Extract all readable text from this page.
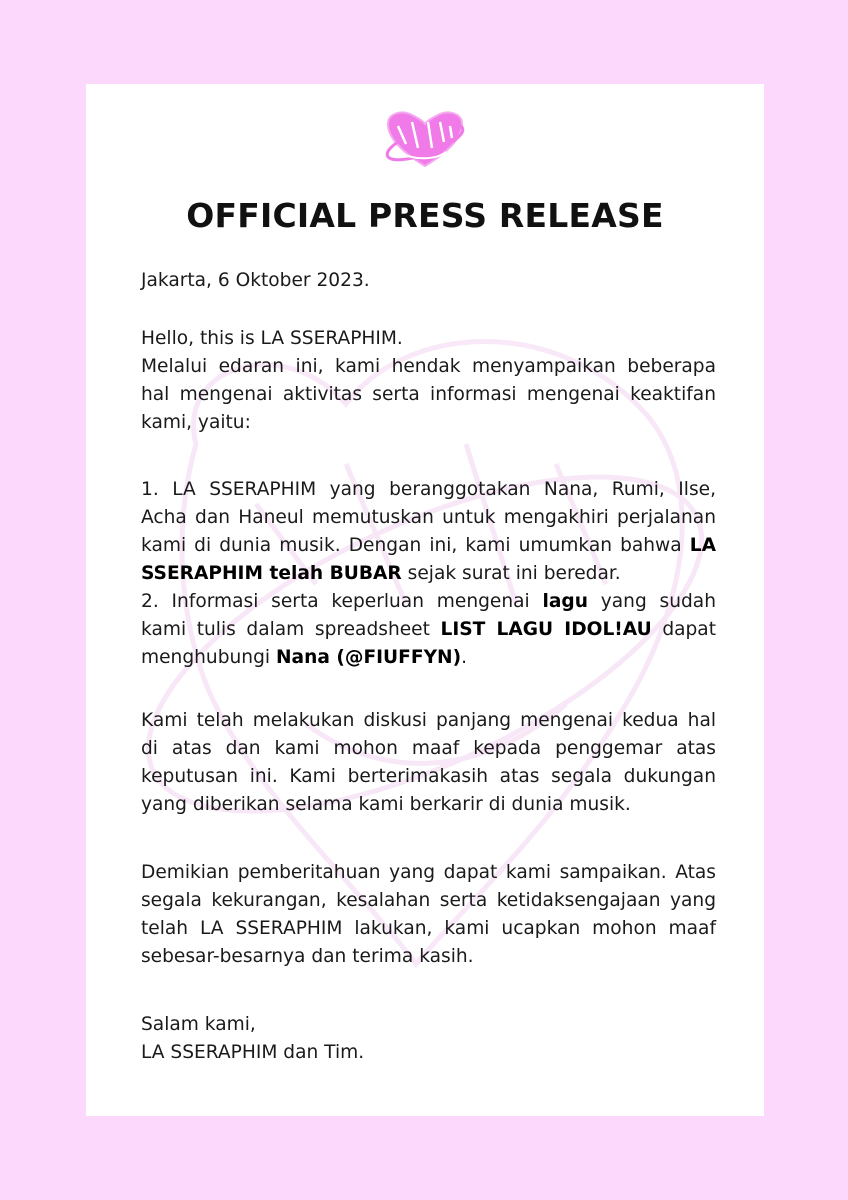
OFFICIAL PRESS RELEASE
Jakarta, 6 Oktober 2023.
Hello, this is LA SSERAPHIM.
Melalui edaran ini, kami hendak menyampaikan beberapa
hal mengenai aktivitas serta informasi mengenai keaktifan
kami, yaitu:
1. LA SSERAPHIM yang beranggotakan Nana, Rumi, Ilse,
Acha dan Haneul memutuskan untuk mengakhiri perjalanan
kami di dunia musik. Dengan ini, kami umumkan bahwa LA
SSERAPHIM telah BUBAR sejak surat ini beredar.
2. Informasi serta keperluan mengenai lagu yang sudah
kami tulis dalam spreadsheet LIST LAGU IDOL!AU dapat
menghubungi Nana (@FIUFFYN).
Kami telah melakukan diskusi panjang mengenai kedua hal
di atas dan kami mohon maaf kepada penggemar atas
keputusan ini. Kami berterimakasih atas segala dukungan
yang diberikan selama kami berkarir di dunia musik.
Demikian pemberitahuan yang dapat kami sampaikan. Atas
segala kekurangan, kesalahan serta ketidaksengajaan yang
telah LA SSERAPHIM lakukan, kami ucapkan mohon maaf
sebesar-besarnya dan terima kasih.
Salam kami,
LA SSERAPHIM dan Tim.
